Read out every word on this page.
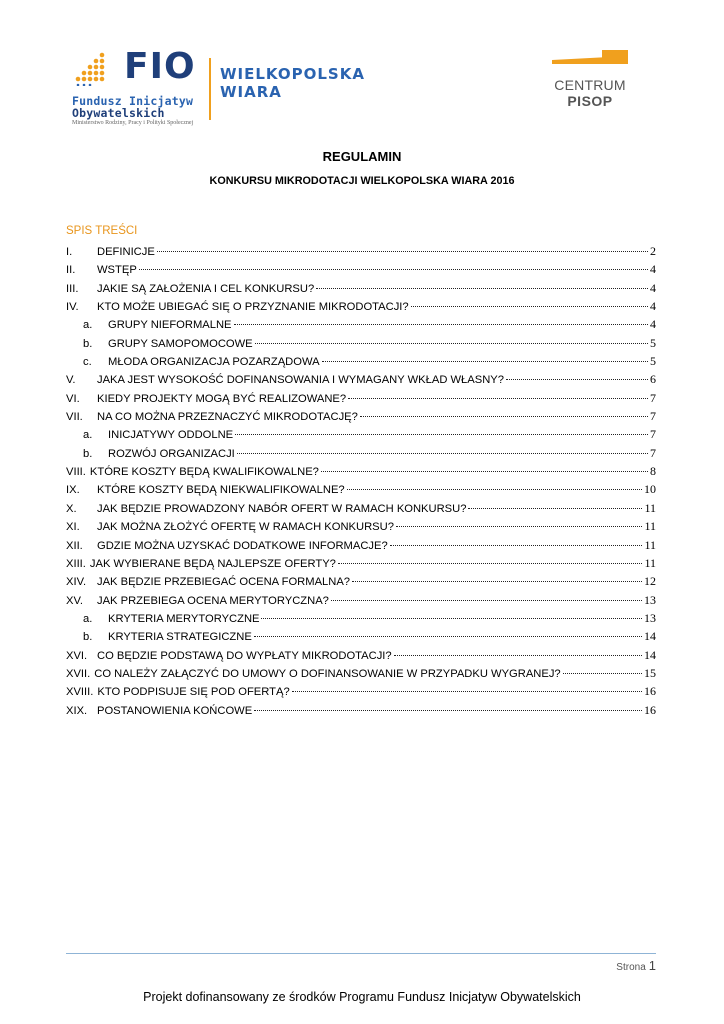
FIO
Fundusz Inicjatyw
Obywatelskich
Ministerstwo Rodziny, Pracy i Polityki Społecznej
WIELKOPOLSKA
WIARA	CENTRUM
PISOP
REGULAMIN
KONKURSU MIKRODOTACJI WIELKOPOLSKA WIARA 2016
SPIS TREŚCI
I.	DEFINICJE	2
II.	WSTĘP	4
III.	JAKIE SĄ ZAŁOŻENIA I CEL KONKURSU?	4
IV.	KTO MOŻE UBIEGAĆ SIĘ O PRZYZNANIE MIKRODOTACJI?	4
a.	GRUPY NIEFORMALNE	4
b.	GRUPY SAMOPOMOCOWE	5
c.	MŁODA ORGANIZACJA POZARZĄDOWA	5
V.	JAKA JEST WYSOKOŚĆ DOFINANSOWANIA I WYMAGANY WKŁAD WŁASNY?	6
VI.	KIEDY PROJEKTY MOGĄ BYĆ REALIZOWANE?	7
VII.	NA CO MOŻNA PRZEZNACZYĆ MIKRODOTACJĘ?	7
a.	INICJATYWY ODDOLNE	7
b.	ROZWÓJ ORGANIZACJI	7
VIII. KTÓRE KOSZTY BĘDĄ KWALIFIKOWALNE?	8
IX.	KTÓRE KOSZTY BĘDĄ NIEKWALIFIKOWALNE?	10
X.	JAK BĘDZIE PROWADZONY NABÓR OFERT W RAMACH KONKURSU?	11
XI.	JAK MOŻNA ZŁOŻYĆ OFERTĘ W RAMACH KONKURSU?	11
XII.	GDZIE MOŻNA UZYSKAĆ DODATKOWE INFORMACJE?	11
XIII. JAK WYBIERANE BĘDĄ NAJLEPSZE OFERTY?	11
XIV. JAK BĘDZIE PRZEBIEGAĆ OCENA FORMALNA?	12
XV.	JAK PRZEBIEGA OCENA MERYTORYCZNA?	13
a.	KRYTERIA MERYTORYCZNE	13
b.	KRYTERIA STRATEGICZNE	14
XVI. CO BĘDZIE PODSTAWĄ DO WYPŁATY MIKRODOTACJI?	14
XVII. CO NALEŻY ZAŁĄCZYĆ DO UMOWY O DOFINANSOWANIE W PRZYPADKU WYGRANEJ?	15
XVIII. KTO PODPISUJE SIĘ POD OFERTĄ?	16
XIX. POSTANOWIENIA KOŃCOWE	16
Strona 1
Projekt dofinansowany ze środków Programu Fundusz Inicjatyw Obywatelskich
